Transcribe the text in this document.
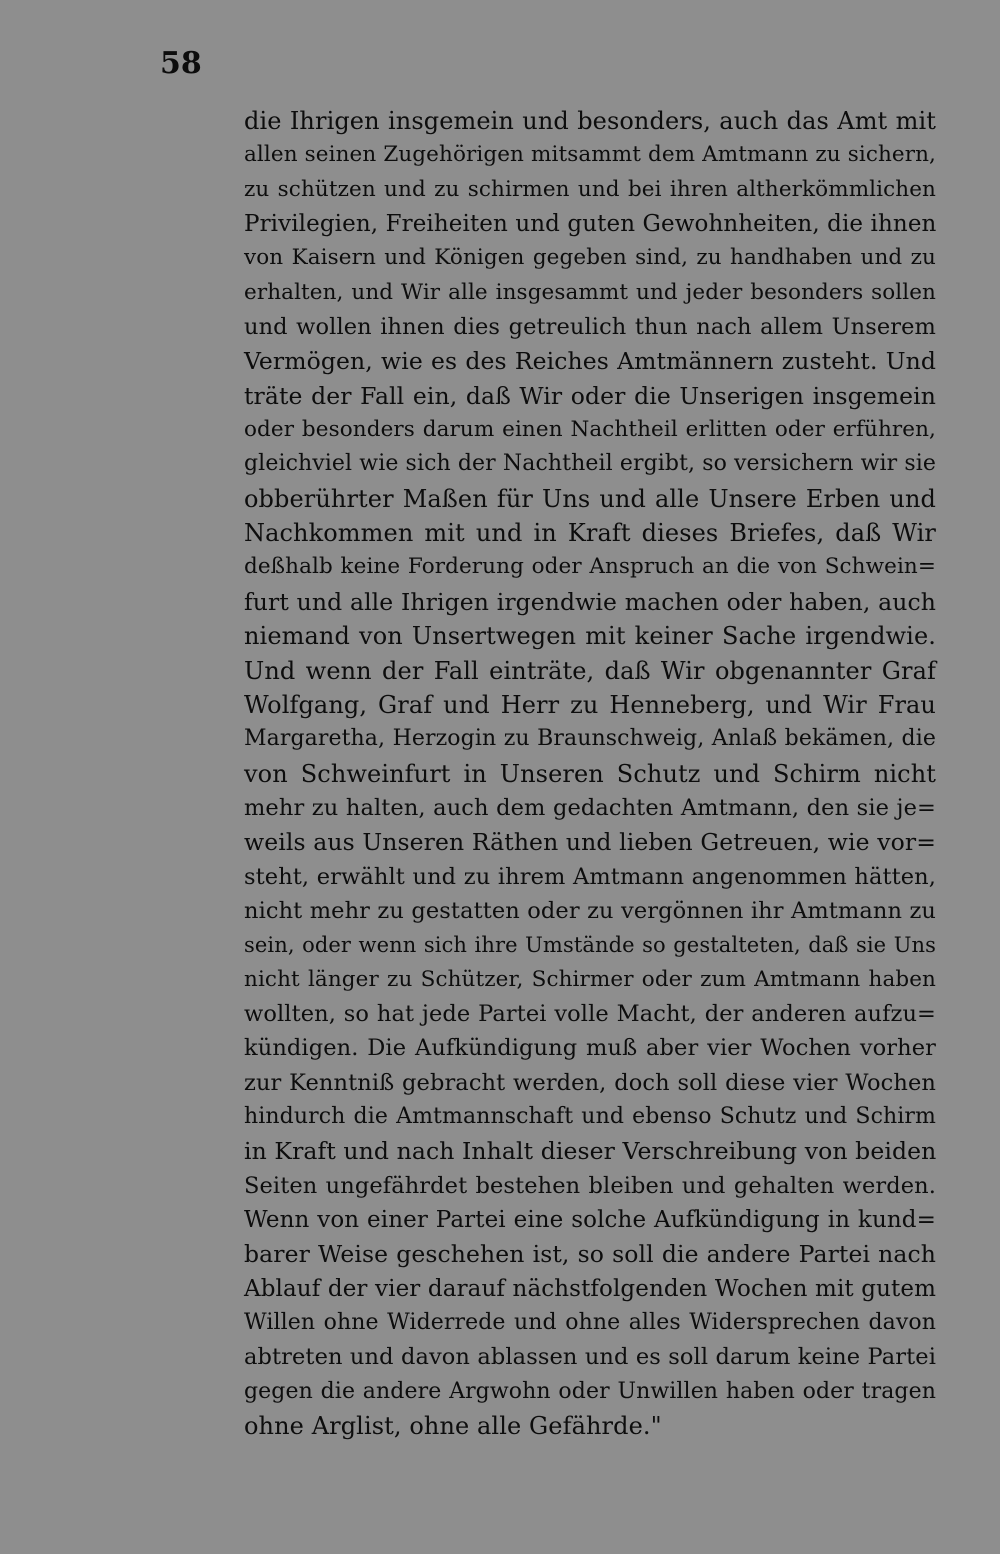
58
die Ihrigen insgemein und besonders, auch das Amt mit
allen seinen Zugehörigen mitsammt dem Amtmann zu sichern,
zu schützen und zu schirmen und bei ihren altherkömmlichen
Privilegien, Freiheiten und guten Gewohnheiten, die ihnen
von Kaisern und Königen gegeben sind, zu handhaben und zu
erhalten, und Wir alle insgesammt und jeder besonders sollen
und wollen ihnen dies getreulich thun nach allem Unserem
Vermögen, wie es des Reiches Amtmännern zusteht. Und
träte der Fall ein, daß Wir oder die Unserigen insgemein
oder besonders darum einen Nachtheil erlitten oder erführen,
gleichviel wie sich der Nachtheil ergibt, so versichern wir sie
obberührter Maßen für Uns und alle Unsere Erben und
Nachkommen mit und in Kraft dieses Briefes, daß Wir
deßhalb keine Forderung oder Anspruch an die von Schwein=
furt und alle Ihrigen irgendwie machen oder haben, auch
niemand von Unsertwegen mit keiner Sache irgendwie.
Und wenn der Fall einträte, daß Wir obgenannter Graf
Wolfgang, Graf und Herr zu Henneberg, und Wir Frau
Margaretha, Herzogin zu Braunschweig, Anlaß bekämen, die
von Schweinfurt in Unseren Schutz und Schirm nicht
mehr zu halten, auch dem gedachten Amtmann, den sie je=
weils aus Unseren Räthen und lieben Getreuen, wie vor=
steht, erwählt und zu ihrem Amtmann angenommen hätten,
nicht mehr zu gestatten oder zu vergönnen ihr Amtmann zu
sein, oder wenn sich ihre Umstände so gestalteten, daß sie Uns
nicht länger zu Schützer, Schirmer oder zum Amtmann haben
wollten, so hat jede Partei volle Macht, der anderen aufzu=
kündigen. Die Aufkündigung muß aber vier Wochen vorher
zur Kenntniß gebracht werden, doch soll diese vier Wochen
hindurch die Amtmannschaft und ebenso Schutz und Schirm
in Kraft und nach Inhalt dieser Verschreibung von beiden
Seiten ungefährdet bestehen bleiben und gehalten werden.
Wenn von einer Partei eine solche Aufkündigung in kund=
barer Weise geschehen ist, so soll die andere Partei nach
Ablauf der vier darauf nächstfolgenden Wochen mit gutem
Willen ohne Widerrede und ohne alles Widersprechen davon
abtreten und davon ablassen und es soll darum keine Partei
gegen die andere Argwohn oder Unwillen haben oder tragen
ohne Arglist, ohne alle Gefährde."
